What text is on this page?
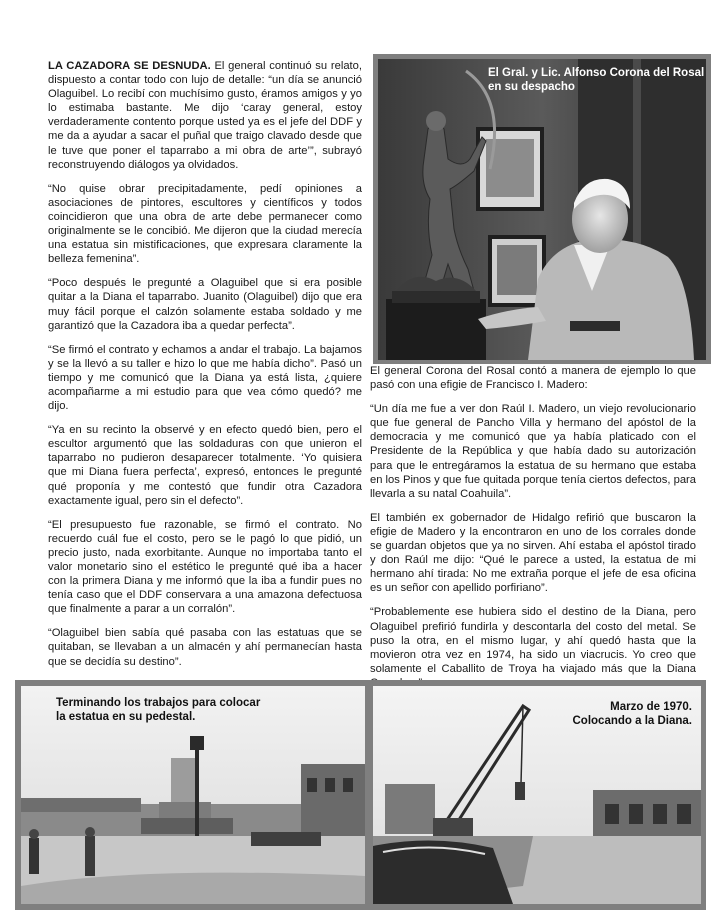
LA CAZADORA SE DESNUDA. El general continuó su relato, dispuesto a contar todo con lujo de detalle: “un día se anunció Olaguibel. Lo recibí con muchísimo gusto, éramos amigos y yo lo estimaba bastante. Me dijo ‘caray general, estoy verdaderamente contento porque usted ya es el jefe del DDF y me da a ayudar a sacar el puñal que traigo clavado desde que le tuve que poner el taparrabo a mi obra de arte’”, subrayó reconstruyendo diálogos ya olvidados.

“No quise obrar precipitadamente, pedí opiniones a asociaciones de pintores, escultores y científicos y todos coincidieron que una obra de arte debe permanecer como originalmente se le concibió. Me dijeron que la ciudad merecía una estatua sin mistificaciones, que expresara claramente la belleza femenina”.

“Poco después le pregunté a Olaguibel que si era posible quitar a la Diana el taparrabo. Juanito (Olaguibel) dijo que era muy fácil porque el calzón solamente estaba soldado y me garantizó que la Cazadora iba a quedar perfecta”.

“Se firmó el contrato y echamos a andar el trabajo. La bajamos y se la llevó a su taller e hizo lo que me había dicho”. Pasó un tiempo y me comunicó que la Diana ya está lista, ¿quiere acompañarme a mi estudio para que vea cómo quedó? me dijo.

“Ya en su recinto la observé y en efecto quedó bien, pero el escultor argumentó que las soldaduras con que unieron el taparrabo no pudieron desaparecer totalmente. ‘Yo quisiera que mi Diana fuera perfecta’, expresó, entonces le pregunté qué proponía y me contestó que fundir otra Cazadora exactamente igual, pero sin el defecto”.

“El presupuesto fue razonable, se firmó el contrato. No recuerdo cuál fue el costo, pero se le pagó lo que pidió, un precio justo, nada exorbitante. Aunque no importaba tanto el valor monetario sino el estético le pregunté qué iba a hacer con la primera Diana y me informó que la iba a fundir pues no tenía caso que el DDF conservara a una amazona defectuosa que finalmente a parar a un corralón”.

“Olaguibel bien sabía qué pasaba con las estatuas que se quitaban, se llevaban a un almacén y ahí permanecían hasta que se decidía su destino”.

El Gral. y Lic. Alfonso Corona del Rosal
en su despacho

El general Corona del Rosal contó a manera de ejemplo lo que pasó con una efigie de Francisco I. Madero:

“Un día me fue a ver don Raúl I. Madero, un viejo revolucionario que fue general de Pancho Villa y hermano del apóstol de la democracia y me comunicó que ya había platicado con el Presidente de la República y que había dado su autorización para que le entregáramos la estatua de su hermano que estaba en los Pinos y que fue quitada porque tenía ciertos defectos, para llevarla a su natal Coahuila”.

El también ex gobernador de Hidalgo refirió que buscaron la efigie de Madero y la encontraron en uno de los corrales donde se guardan objetos que ya no sirven. Ahí estaba el apóstol tirado y don Raúl me dijo: “Qué le parece a usted, la estatua de mi hermano ahí tirada: No me extraña porque el jefe de esa oficina es un señor con apellido porfiriano”.

“Probablemente ese hubiera sido el destino de la Diana, pero Olaguibel prefirió fundirla y descontarla del costo del metal. Se puso la otra, en el mismo lugar, y ahí quedó hasta que la movieron otra vez en 1974, ha sido un viacrucis. Yo creo que solamente el Caballito de Troya ha viajado más que la Diana

Terminando los trabajos para colocar
la estatua en su pedestal.
Marzo de 1970.
Colocando a la Diana.
